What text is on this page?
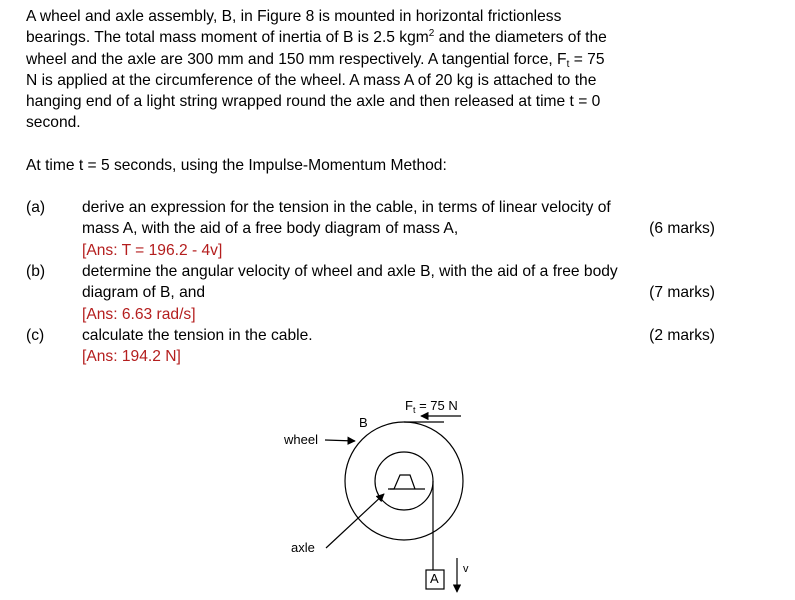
A wheel and axle assembly, B, in Figure 8 is mounted in horizontal frictionless

bearings. The total mass moment of inertia of B is 2.5 kgm$^2$ and the diameters of the

wheel and the axle are 300 mm and 150 mm respectively. A tangential force, $F_t = 75$

N is applied at the circumference of the wheel. A mass A of 20 kg is attached to the

hanging end of a light string wrapped round the axle and then released at time t = 0

second.

At time t = 5 seconds, using the Impulse-Momentum Method:
(a) derive an expression for the tension in the cable, in terms of linear velocity of
mass A, with the aid of a free body diagram of mass A,	(6 marks)
[Ans: T = 196.2 - 4v]
(b) determine the angular velocity of wheel and axle B, with the aid of a free body
diagram of B, and	(7 marks)
[Ans: 6.63 rad/s]
(c) calculate the tension in the cable.	(2 marks)
[Ans: 194.2 N]
$F_t = 75$ N
B
wheel
axle
A
v
